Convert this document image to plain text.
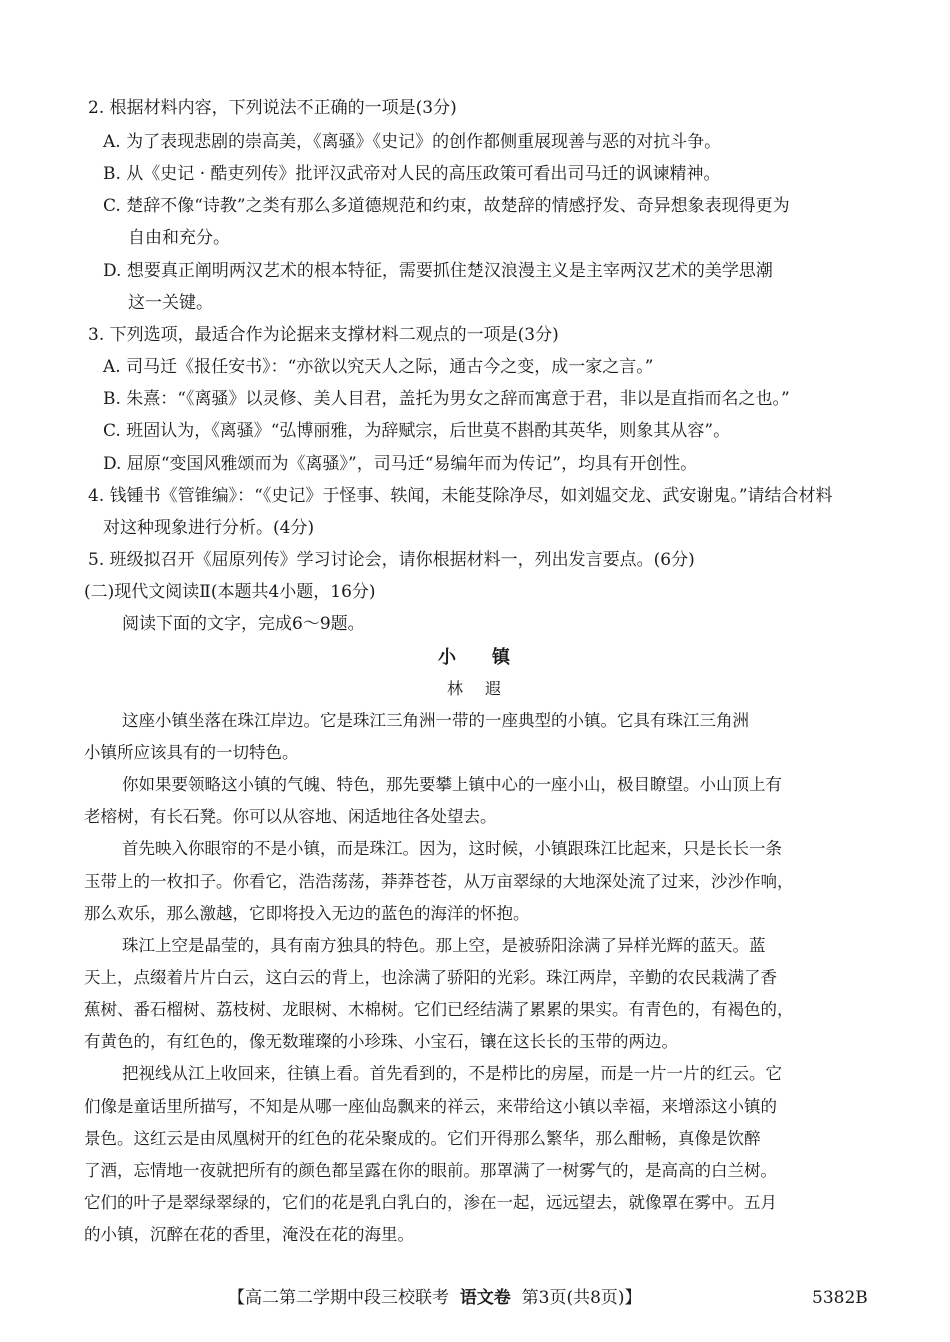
2. 根据材料内容，下列说法不正确的一项是(3分)
A. 为了表现悲剧的崇高美，《离骚》《史记》的创作都侧重展现善与恶的对抗斗争。
B. 从《史记 · 酷吏列传》批评汉武帝对人民的高压政策可看出司马迁的讽谏精神。
C. 楚辞不像“诗教”之类有那么多道德规范和约束，故楚辞的情感抒发、奇异想象表现得更为
自由和充分。
D. 想要真正阐明两汉艺术的根本特征，需要抓住楚汉浪漫主义是主宰两汉艺术的美学思潮
这一关键。
3. 下列选项，最适合作为论据来支撑材料二观点的一项是(3分)
A. 司马迁《报任安书》：“亦欲以究天人之际，通古今之变，成一家之言。”
B. 朱熹：“《离骚》以灵修、美人目君，盖托为男女之辞而寓意于君，非以是直指而名之也。”
C. 班固认为，《离骚》“弘博丽雅，为辞赋宗，后世莫不斟酌其英华，则象其从容”。
D. 屈原“变国风雅颂而为《离骚》”，司马迁“易编年而为传记”，均具有开创性。
4. 钱锺书《管锥编》：“《史记》于怪事、轶闻，未能芟除净尽，如刘媪交龙、武安谢鬼。”请结合材料
对这种现象进行分析。(4分)
5. 班级拟召开《屈原列传》学习讨论会，请你根据材料一，列出发言要点。(6分)
(二)现代文阅读Ⅱ(本题共4小题，16分)
阅读下面的文字，完成6～9题。
小 镇
林 遐
这座小镇坐落在珠江岸边。它是珠江三角洲一带的一座典型的小镇。它具有珠江三角洲
小镇所应该具有的一切特色。
你如果要领略这小镇的气魄、特色，那先要攀上镇中心的一座小山，极目瞭望。小山顶上有
老榕树，有长石凳。你可以从容地、闲适地往各处望去。
首先映入你眼帘的不是小镇，而是珠江。因为，这时候，小镇跟珠江比起来，只是长长一条
玉带上的一枚扣子。你看它，浩浩荡荡，莽莽苍苍，从万亩翠绿的大地深处流了过来，沙沙作响，
那么欢乐，那么激越，它即将投入无边的蓝色的海洋的怀抱。
珠江上空是晶莹的，具有南方独具的特色。那上空，是被骄阳涂满了异样光辉的蓝天。蓝
天上，点缀着片片白云，这白云的背上，也涂满了骄阳的光彩。珠江两岸，辛勤的农民栽满了香
蕉树、番石榴树、荔枝树、龙眼树、木棉树。它们已经结满了累累的果实。有青色的，有褐色的，
有黄色的，有红色的，像无数璀璨的小珍珠、小宝石，镶在这长长的玉带的两边。
把视线从江上收回来，往镇上看。首先看到的，不是栉比的房屋，而是一片一片的红云。它
们像是童话里所描写，不知是从哪一座仙岛飘来的祥云，来带给这小镇以幸福，来增添这小镇的
景色。这红云是由凤凰树开的红色的花朵聚成的。它们开得那么繁华，那么酣畅，真像是饮醉
了酒，忘情地一夜就把所有的颜色都呈露在你的眼前。那罩满了一树雾气的，是高高的白兰树。
它们的叶子是翠绿翠绿的，它们的花是乳白乳白的，渗在一起，远远望去，就像罩在雾中。五月
的小镇，沉醉在花的香里，淹没在花的海里。
【高二第二学期中段三校联考 语文卷 第3页(共8页)】	5382B
